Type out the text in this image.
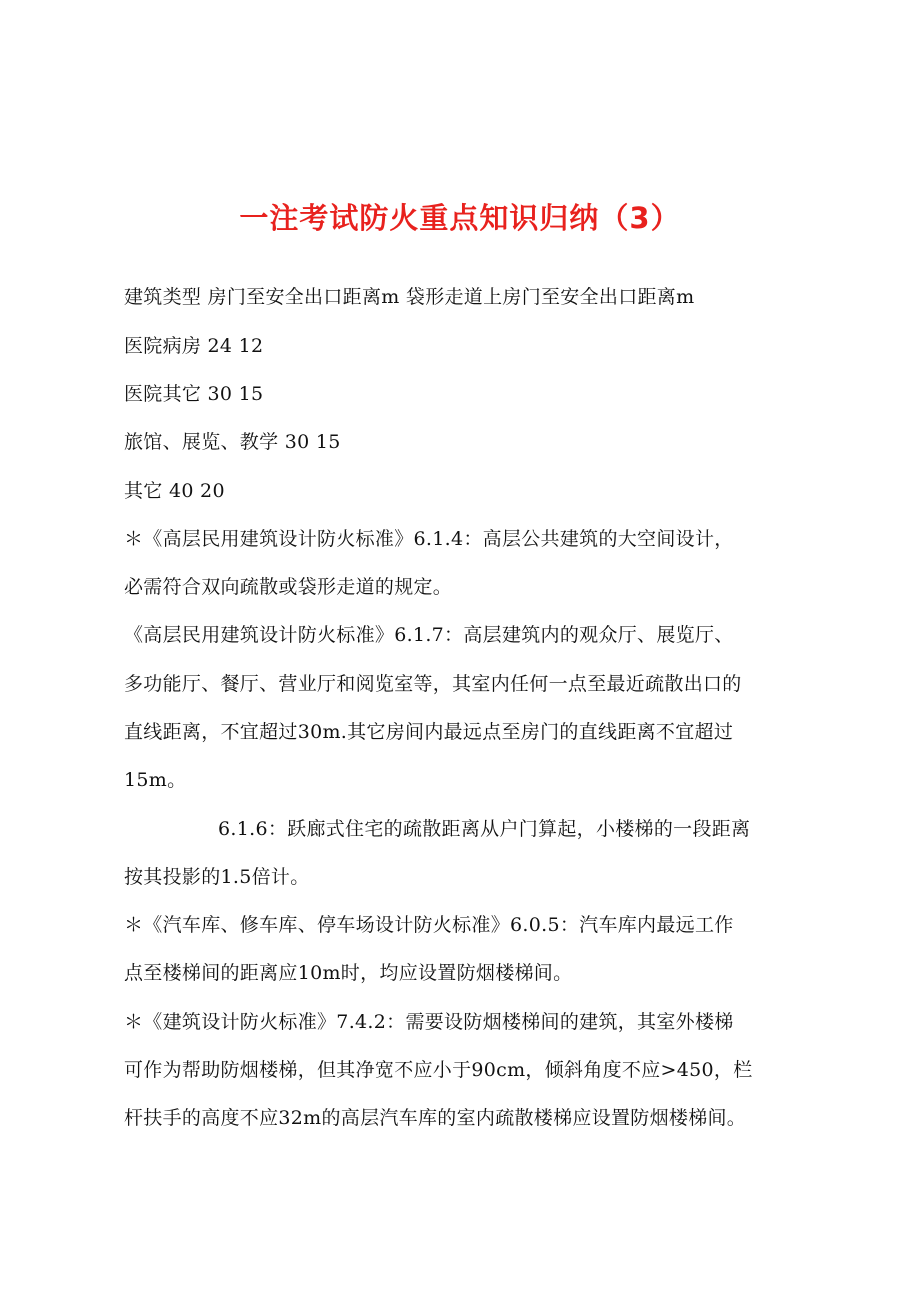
一注考试防火重点知识归纳（3）
建筑类型 房门至安全出口距离m 袋形走道上房门至安全出口距离m
医院病房 24 12
医院其它 30 15
旅馆、展览、教学 30 15
其它 40 20
＊《高层民用建筑设计防火标准》6.1.4：高层公共建筑的大空间设计，
必需符合双向疏散或袋形走道的规定。
《高层民用建筑设计防火标准》6.1.7：高层建筑内的观众厅、展览厅、
多功能厅、餐厅、营业厅和阅览室等，其室内任何一点至最近疏散出口的
直线距离，不宜超过30m.其它房间内最远点至房门的直线距离不宜超过
15m。
6.1.6：跃廊式住宅的疏散距离从户门算起，小楼梯的一段距离
按其投影的1.5倍计。
＊《汽车库、修车库、停车场设计防火标准》6.0.5：汽车库内最远工作
点至楼梯间的距离应10m时，均应设置防烟楼梯间。
＊《建筑设计防火标准》7.4.2：需要设防烟楼梯间的建筑，其室外楼梯
可作为帮助防烟楼梯，但其净宽不应小于90cm，倾斜角度不应>450，栏
杆扶手的高度不应32m的高层汽车库的室内疏散楼梯应设置防烟楼梯间。
